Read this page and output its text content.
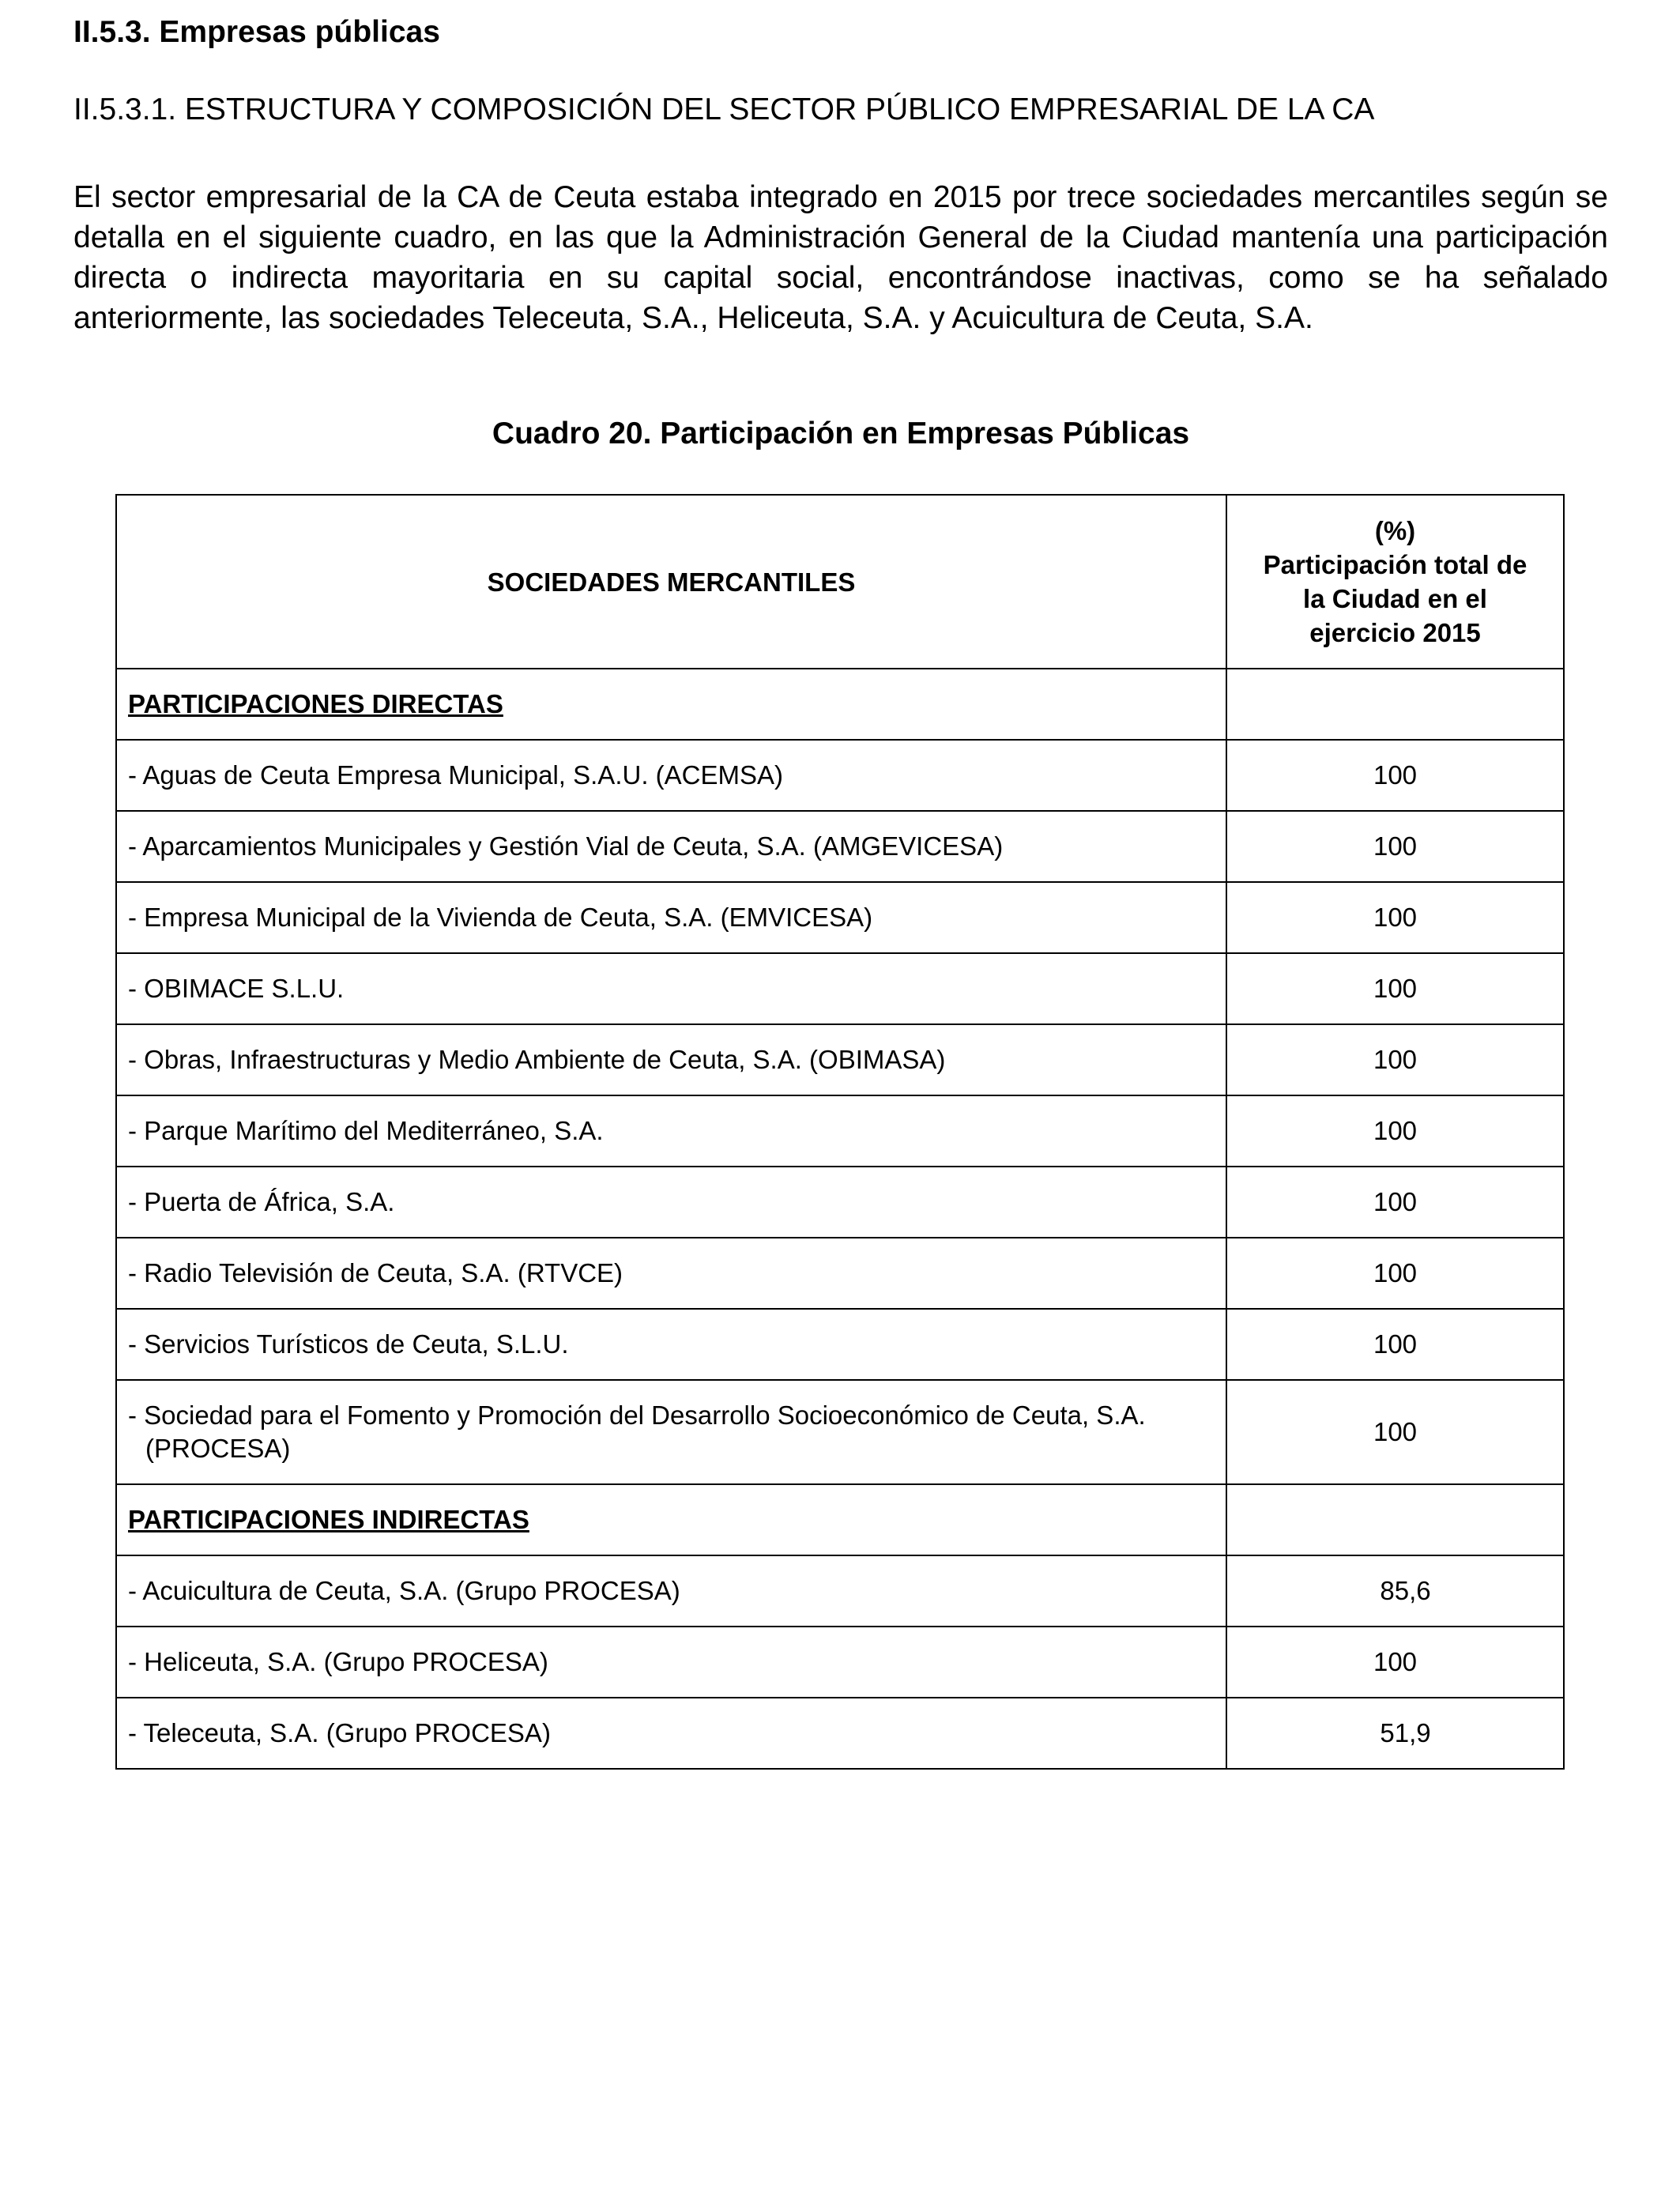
II.5.3. Empresas públicas
II.5.3.1. ESTRUCTURA Y COMPOSICIÓN DEL SECTOR PÚBLICO EMPRESARIAL DE LA CA

El sector empresarial de la CA de Ceuta estaba integrado en 2015 por trece sociedades mercantiles según se detalla en el siguiente cuadro, en las que la Administración General de la Ciudad mantenía una participación directa o indirecta mayoritaria en su capital social, encontrándose inactivas, como se ha señalado anteriormente, las sociedades Teleceuta, S.A., Heliceuta, S.A. y Acuicultura de Ceuta, S.A.

Cuadro 20. Participación en Empresas Públicas

SOCIEDADES MERCANTILES	(%)
Participación total de
la Ciudad en el
ejercicio 2015
PARTICIPACIONES DIRECTAS	

- Aguas de Ceuta Empresa Municipal, S.A.U. (ACEMSA)	100

- Aparcamientos Municipales y Gestión Vial de Ceuta, S.A. (AMGEVICESA)	100

- Empresa Municipal de la Vivienda de Ceuta, S.A. (EMVICESA)	100

- OBIMACE S.L.U.	100

- Obras, Infraestructuras y Medio Ambiente de Ceuta, S.A. (OBIMASA)	100

- Parque Marítimo del Mediterráneo, S.A.	100

- Puerta de África, S.A.	100

- Radio Televisión de Ceuta, S.A. (RTVCE)	100

- Servicios Turísticos de Ceuta, S.L.U.	100

- Sociedad para el Fomento y Promoción del Desarrollo Socioeconómico de Ceuta, S.A. (PROCESA)	100
PARTICIPACIONES INDIRECTAS	

- Acuicultura de Ceuta, S.A. (Grupo PROCESA)	85,6

- Heliceuta, S.A. (Grupo PROCESA)	100

- Teleceuta, S.A. (Grupo PROCESA)	51,9
